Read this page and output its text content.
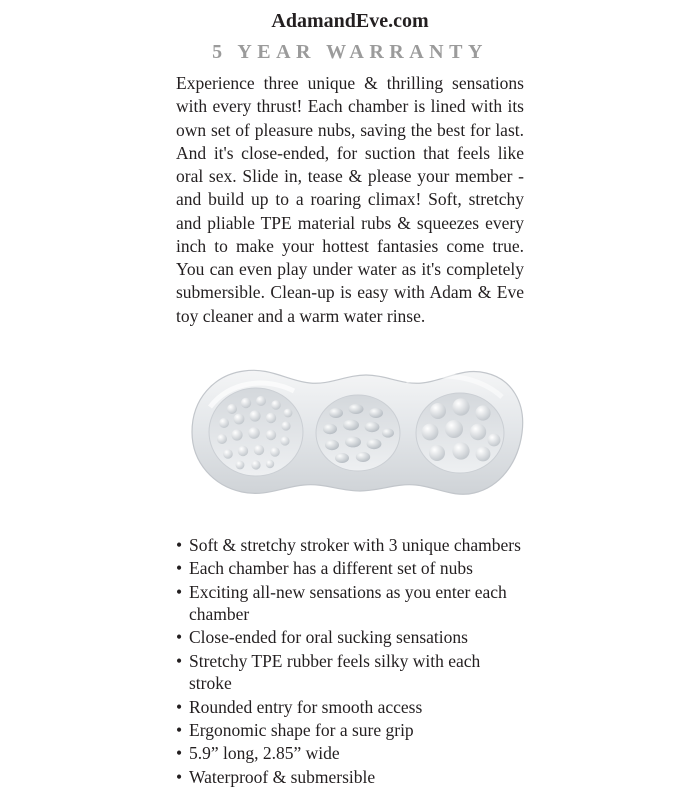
AdamandEve.com
5 YEAR WARRANTY
Experience three unique & thrilling sensations with every thrust! Each chamber is lined with its own set of pleasure nubs, saving the best for last. And it's close-ended, for suction that feels like oral sex. Slide in, tease & please your member - and build up to a roaring climax! Soft, stretchy and pliable TPE material rubs & squeezes every inch to make your hottest fantasies come true. You can even play under water as it's completely submersible. Clean-up is easy with Adam & Eve toy cleaner and a warm water rinse.
• Soft & stretchy stroker with 3 unique chambers
• Each chamber has a different set of nubs
• Exciting all-new sensations as you enter each chamber
• Close-ended for oral sucking sensations
• Stretchy TPE rubber feels silky with each stroke
• Rounded entry for smooth access
• Ergonomic shape for a sure grip
• 5.9” long, 2.85” wide
• Waterproof & submersible
